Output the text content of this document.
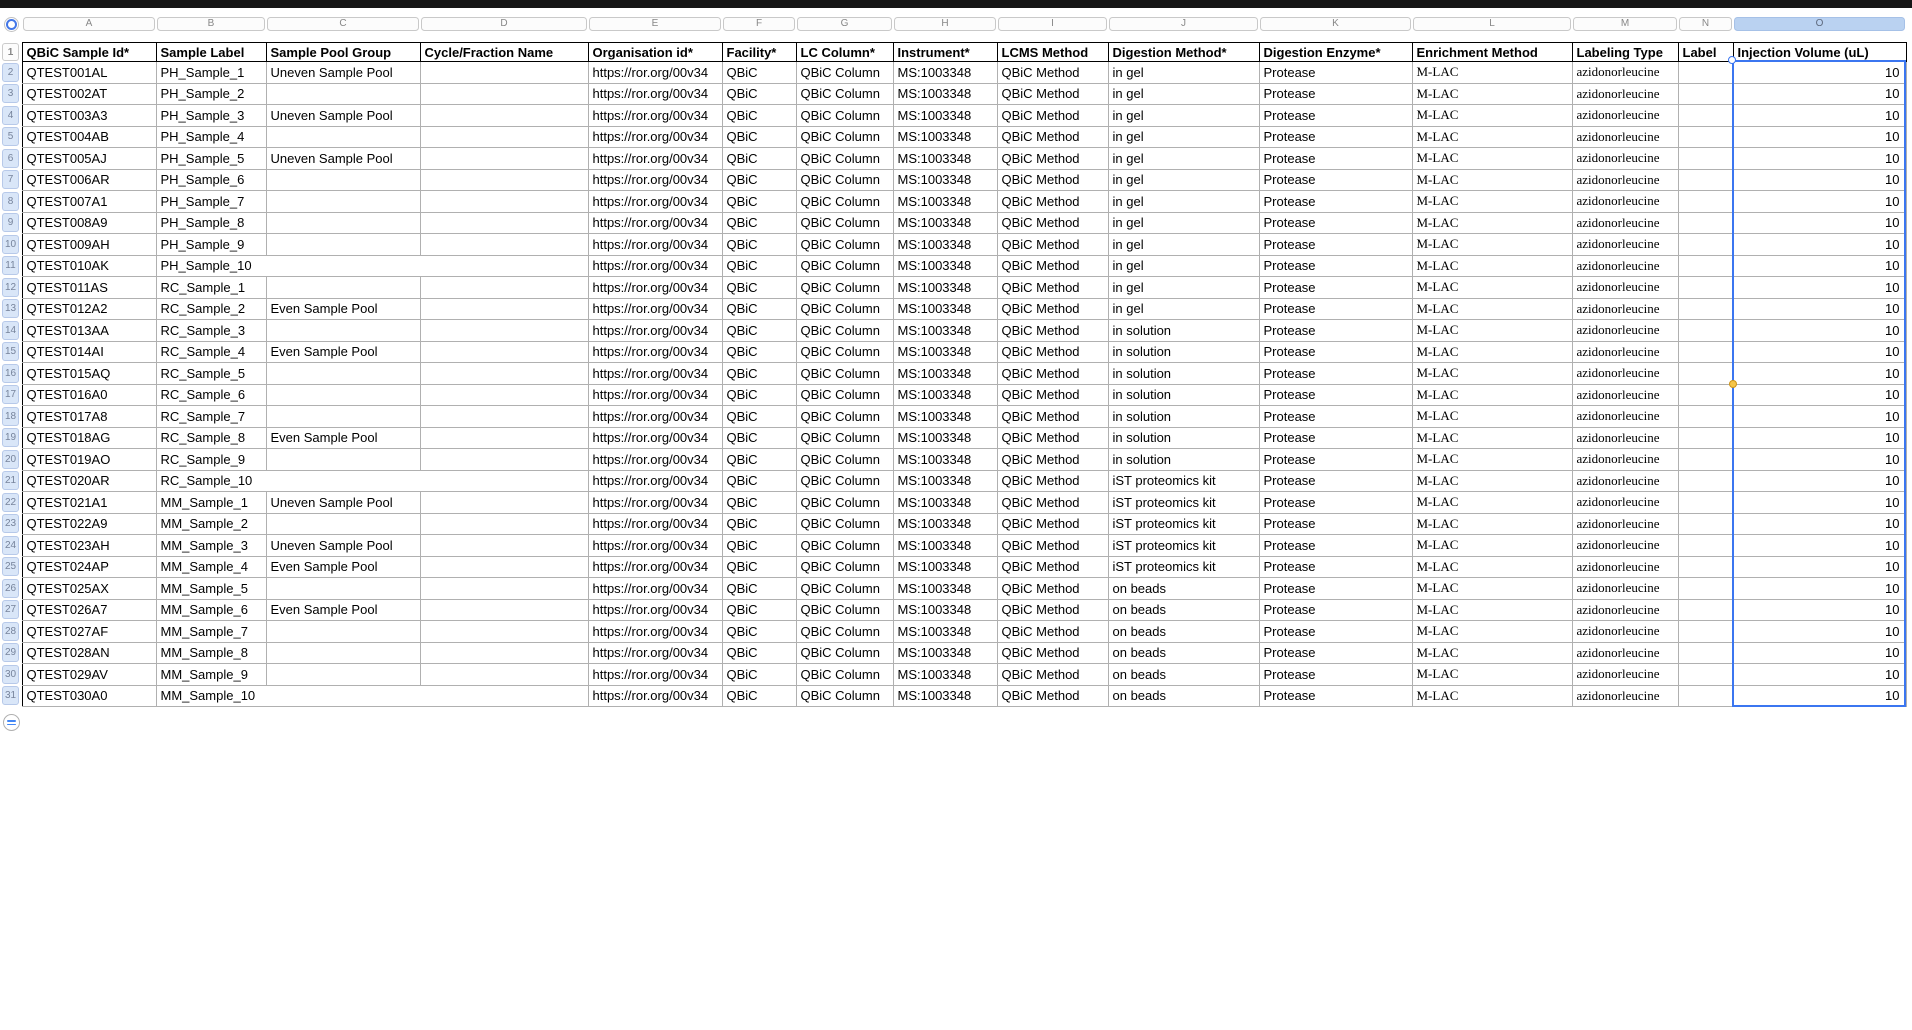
A	B	C	D	E	F	G	H	I	J	K	L	M	N	O
1	QBiC Sample Id*	Sample Label	Sample Pool Group	Cycle/Fraction Name	Organisation id*	Facility*	LC Column*	Instrument*	LCMS Method	Digestion Method*	Digestion Enzyme*	Enrichment Method	Labeling Type	Label	Injection Volume (uL)

2	QTEST001AL	PH_Sample_1	Uneven Sample Pool		https://ror.org/00v34	QBiC	QBiC Column	MS:1003348	QBiC Method	in gel	Protease	M-LAC	azidonorleucine		10

3	QTEST002AT	PH_Sample_2			https://ror.org/00v34	QBiC	QBiC Column	MS:1003348	QBiC Method	in gel	Protease	M-LAC	azidonorleucine		10

4	QTEST003A3	PH_Sample_3	Uneven Sample Pool		https://ror.org/00v34	QBiC	QBiC Column	MS:1003348	QBiC Method	in gel	Protease	M-LAC	azidonorleucine		10

5	QTEST004AB	PH_Sample_4			https://ror.org/00v34	QBiC	QBiC Column	MS:1003348	QBiC Method	in gel	Protease	M-LAC	azidonorleucine		10

6	QTEST005AJ	PH_Sample_5	Uneven Sample Pool		https://ror.org/00v34	QBiC	QBiC Column	MS:1003348	QBiC Method	in gel	Protease	M-LAC	azidonorleucine		10

7	QTEST006AR	PH_Sample_6			https://ror.org/00v34	QBiC	QBiC Column	MS:1003348	QBiC Method	in gel	Protease	M-LAC	azidonorleucine		10

8	QTEST007A1	PH_Sample_7			https://ror.org/00v34	QBiC	QBiC Column	MS:1003348	QBiC Method	in gel	Protease	M-LAC	azidonorleucine		10

9	QTEST008A9	PH_Sample_8			https://ror.org/00v34	QBiC	QBiC Column	MS:1003348	QBiC Method	in gel	Protease	M-LAC	azidonorleucine		10

10	QTEST009AH	PH_Sample_9			https://ror.org/00v34	QBiC	QBiC Column	MS:1003348	QBiC Method	in gel	Protease	M-LAC	azidonorleucine		10

11	QTEST010AK	PH_Sample_10			https://ror.org/00v34	QBiC	QBiC Column	MS:1003348	QBiC Method	in gel	Protease	M-LAC	azidonorleucine		10

12	QTEST011AS	RC_Sample_1			https://ror.org/00v34	QBiC	QBiC Column	MS:1003348	QBiC Method	in gel	Protease	M-LAC	azidonorleucine		10

13	QTEST012A2	RC_Sample_2	Even Sample Pool		https://ror.org/00v34	QBiC	QBiC Column	MS:1003348	QBiC Method	in gel	Protease	M-LAC	azidonorleucine		10

14	QTEST013AA	RC_Sample_3			https://ror.org/00v34	QBiC	QBiC Column	MS:1003348	QBiC Method	in solution	Protease	M-LAC	azidonorleucine		10

15	QTEST014AI	RC_Sample_4	Even Sample Pool		https://ror.org/00v34	QBiC	QBiC Column	MS:1003348	QBiC Method	in solution	Protease	M-LAC	azidonorleucine		10

16	QTEST015AQ	RC_Sample_5			https://ror.org/00v34	QBiC	QBiC Column	MS:1003348	QBiC Method	in solution	Protease	M-LAC	azidonorleucine		10

17	QTEST016A0	RC_Sample_6			https://ror.org/00v34	QBiC	QBiC Column	MS:1003348	QBiC Method	in solution	Protease	M-LAC	azidonorleucine		10

18	QTEST017A8	RC_Sample_7			https://ror.org/00v34	QBiC	QBiC Column	MS:1003348	QBiC Method	in solution	Protease	M-LAC	azidonorleucine		10

19	QTEST018AG	RC_Sample_8	Even Sample Pool		https://ror.org/00v34	QBiC	QBiC Column	MS:1003348	QBiC Method	in solution	Protease	M-LAC	azidonorleucine		10

20	QTEST019AO	RC_Sample_9			https://ror.org/00v34	QBiC	QBiC Column	MS:1003348	QBiC Method	in solution	Protease	M-LAC	azidonorleucine		10

21	QTEST020AR	RC_Sample_10			https://ror.org/00v34	QBiC	QBiC Column	MS:1003348	QBiC Method	iST proteomics kit	Protease	M-LAC	azidonorleucine		10

22	QTEST021A1	MM_Sample_1	Uneven Sample Pool		https://ror.org/00v34	QBiC	QBiC Column	MS:1003348	QBiC Method	iST proteomics kit	Protease	M-LAC	azidonorleucine		10

23	QTEST022A9	MM_Sample_2			https://ror.org/00v34	QBiC	QBiC Column	MS:1003348	QBiC Method	iST proteomics kit	Protease	M-LAC	azidonorleucine		10

24	QTEST023AH	MM_Sample_3	Uneven Sample Pool		https://ror.org/00v34	QBiC	QBiC Column	MS:1003348	QBiC Method	iST proteomics kit	Protease	M-LAC	azidonorleucine		10

25	QTEST024AP	MM_Sample_4	Even Sample Pool		https://ror.org/00v34	QBiC	QBiC Column	MS:1003348	QBiC Method	iST proteomics kit	Protease	M-LAC	azidonorleucine		10

26	QTEST025AX	MM_Sample_5			https://ror.org/00v34	QBiC	QBiC Column	MS:1003348	QBiC Method	on beads	Protease	M-LAC	azidonorleucine		10

27	QTEST026A7	MM_Sample_6	Even Sample Pool		https://ror.org/00v34	QBiC	QBiC Column	MS:1003348	QBiC Method	on beads	Protease	M-LAC	azidonorleucine		10

28	QTEST027AF	MM_Sample_7			https://ror.org/00v34	QBiC	QBiC Column	MS:1003348	QBiC Method	on beads	Protease	M-LAC	azidonorleucine		10

29	QTEST028AN	MM_Sample_8			https://ror.org/00v34	QBiC	QBiC Column	MS:1003348	QBiC Method	on beads	Protease	M-LAC	azidonorleucine		10

30	QTEST029AV	MM_Sample_9			https://ror.org/00v34	QBiC	QBiC Column	MS:1003348	QBiC Method	on beads	Protease	M-LAC	azidonorleucine		10

31	QTEST030A0	MM_Sample_10			https://ror.org/00v34	QBiC	QBiC Column	MS:1003348	QBiC Method	on beads	Protease	M-LAC	azidonorleucine		10
